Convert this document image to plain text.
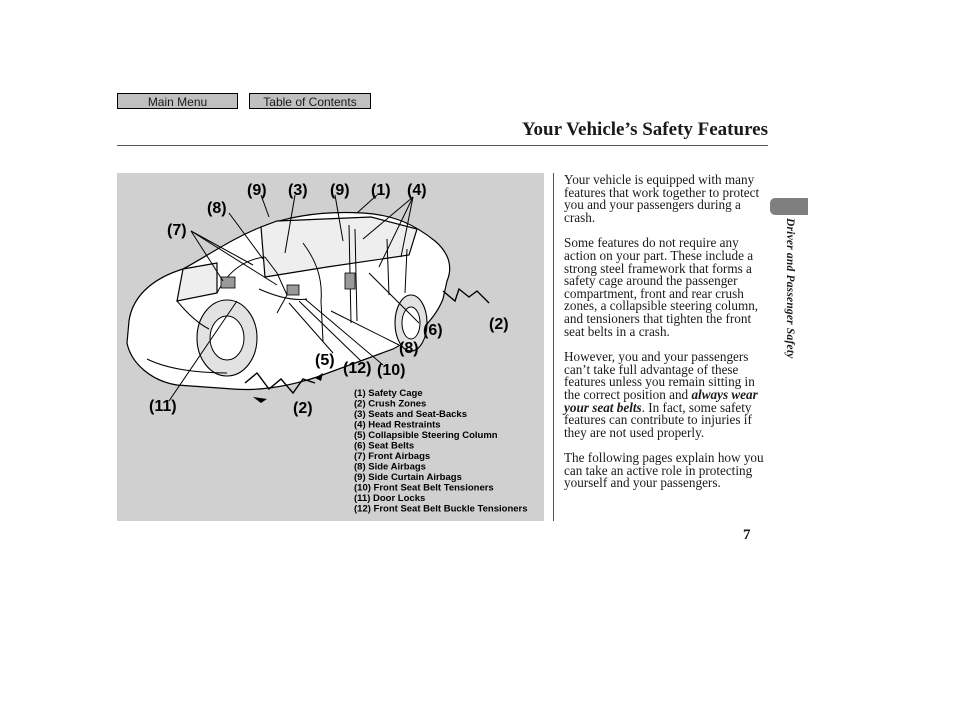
Main Menu	Table of Contents
Your Vehicle’s Safety Features
(9) (3) (9) (1) (4)
(8)
(7)
(2)
(6)
(8)
(5) (12) (10)
(11)	(2)
(1) Safety Cage
(2) Crush Zones
(3) Seats and Seat-Backs
(4) Head Restraints
(5) Collapsible Steering Column
(6) Seat Belts
(7) Front Airbags
(8) Side Airbags
(9) Side Curtain Airbags
(10) Front Seat Belt Tensioners
(11) Door Locks
(12) Front Seat Belt Buckle Tensioners

Your vehicle is equipped with many features that work together to protect you and your passengers during a crash.

Some features do not require any action on your part. These include a strong steel framework that forms a safety cage around the passenger compartment, front and rear crush zones, a collapsible steering column, and tensioners that tighten the front seat belts in a crash.

However, you and your passengers can’t take full advantage of these features unless you remain sitting in the correct position and always wear your seat belts. In fact, some safety features can contribute to injuries if they are not used properly.

The following pages explain how you can take an active role in protecting yourself and your passengers.

Driver and Passenger Safety
7
